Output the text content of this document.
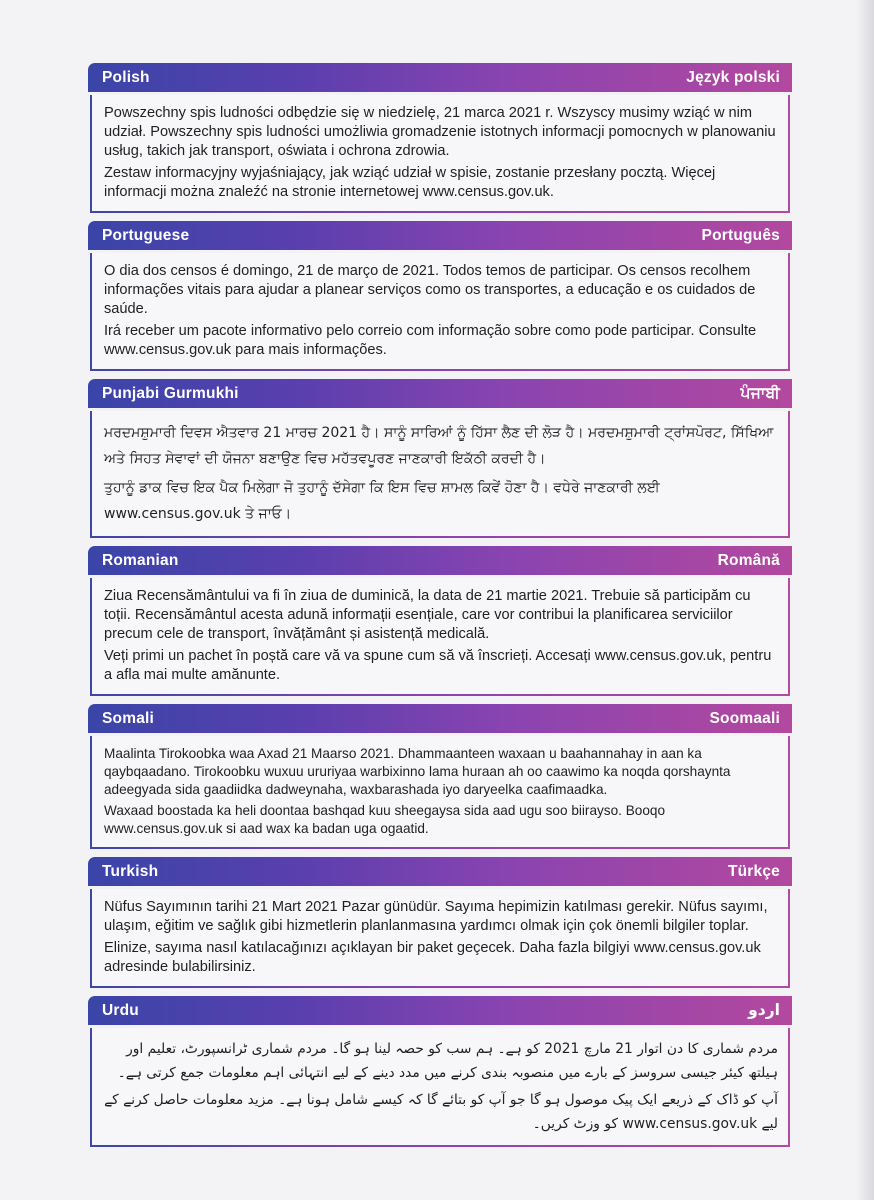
Polish	Język polski

Powszechny spis ludności odbędzie się w niedzielę, 21 marca 2021 r. Wszyscy musimy wziąć w nim udział. Powszechny spis ludności umożliwia gromadzenie istotnych informacji pomocnych w planowaniu usług, takich jak transport, oświata i ochrona zdrowia.

Zestaw informacyjny wyjaśniający, jak wziąć udział w spisie, zostanie przesłany pocztą. Więcej informacji można znaleźć na stronie internetowej www.census.gov.uk.

Portuguese	Português

O dia dos censos é domingo, 21 de março de 2021. Todos temos de participar. Os censos recolhem informações vitais para ajudar a planear serviços como os transportes, a educação e os cuidados de saúde.

Irá receber um pacote informativo pelo correio com informação sobre como pode participar. Consulte www.census.gov.uk para mais informações.

Punjabi Gurmukhi	ਪੰਜਾਬੀ

ਮਰਦਮਸ਼ੁਮਾਰੀ ਦਿਵਸ ਐਤਵਾਰ 21 ਮਾਰਚ 2021 ਹੈ। ਸਾਨੂੰ ਸਾਰਿਆਂ ਨੂੰ ਹਿੱਸਾ ਲੈਣ ਦੀ ਲੋੜ ਹੈ। ਮਰਦਮਸ਼ੁਮਾਰੀ ਟ੍ਰਾਂਸਪੋਰਟ, ਸਿੱਖਿਆ ਅਤੇ ਸਿਹਤ ਸੇਵਾਵਾਂ ਦੀ ਯੋਜਨਾ ਬਣਾਉਣ ਵਿਚ ਮਹੱਤਵਪੂਰਣ ਜਾਣਕਾਰੀ ਇਕੱਠੀ ਕਰਦੀ ਹੈ।

ਤੁਹਾਨੂੰ ਡਾਕ ਵਿਚ ਇਕ ਪੈਕ ਮਿਲੇਗਾ ਜੋ ਤੁਹਾਨੂੰ ਦੱਸੇਗਾ ਕਿ ਇਸ ਵਿਚ ਸ਼ਾਮਲ ਕਿਵੇਂ ਹੋਣਾ ਹੈ। ਵਧੇਰੇ ਜਾਣਕਾਰੀ ਲਈ www.census.gov.uk ਤੇ ਜਾਓ।

Romanian	Română

Ziua Recensământului va fi în ziua de duminică, la data de 21 martie 2021. Trebuie să participăm cu toții. Recensământul acesta adună informații esențiale, care vor contribui la planificarea serviciilor precum cele de transport, învățământ și asistență medicală.

Veți primi un pachet în poștă care vă va spune cum să vă înscrieți. Accesați www.census.gov.uk, pentru a afla mai multe amănunte.

Somali	Soomaali

Maalinta Tirokoobka waa Axad 21 Maarso 2021. Dhammaanteen waxaan u baahannahay in aan ka qaybqaadano. Tirokoobku wuxuu ururiyaa warbixinno lama huraan ah oo caawimo ka noqda qorshaynta adeegyada sida gaadiidka dadweynaha, waxbarashada iyo daryeelka caafimaadka.

Waxaad boostada ka heli doontaa bashqad kuu sheegaysa sida aad ugu soo biirayso. Booqo www.census.gov.uk si aad wax ka badan uga ogaatid.

Turkish	Türkçe

Nüfus Sayımının tarihi 21 Mart 2021 Pazar günüdür. Sayıma hepimizin katılması gerekir. Nüfus sayımı, ulaşım, eğitim ve sağlık gibi hizmetlerin planlanmasına yardımcı olmak için çok önemli bilgiler toplar.

Elinize, sayıma nasıl katılacağınızı açıklayan bir paket geçecek. Daha fazla bilgiyi www.census.gov.uk adresinde bulabilirsiniz.

Urdu	اردو

مردم شماری کا دن اتوار 21 مارچ 2021 کو ہے۔ ہم سب کو حصہ لینا ہو گا۔ مردم شماری ٹرانسپورٹ، تعلیم اور ہیلتھ کیئر جیسی سروسز کے بارے میں منصوبہ بندی کرنے میں مدد دینے کے لیے انتہائی اہم معلومات جمع کرتی ہے۔

آپ کو ڈاک کے ذریعے ایک پیک موصول ہو گا جو آپ کو بتائے گا کہ کیسے شامل ہونا ہے۔ مزید معلومات حاصل کرنے کے لیے www.census.gov.uk کو وزٹ کریں۔
